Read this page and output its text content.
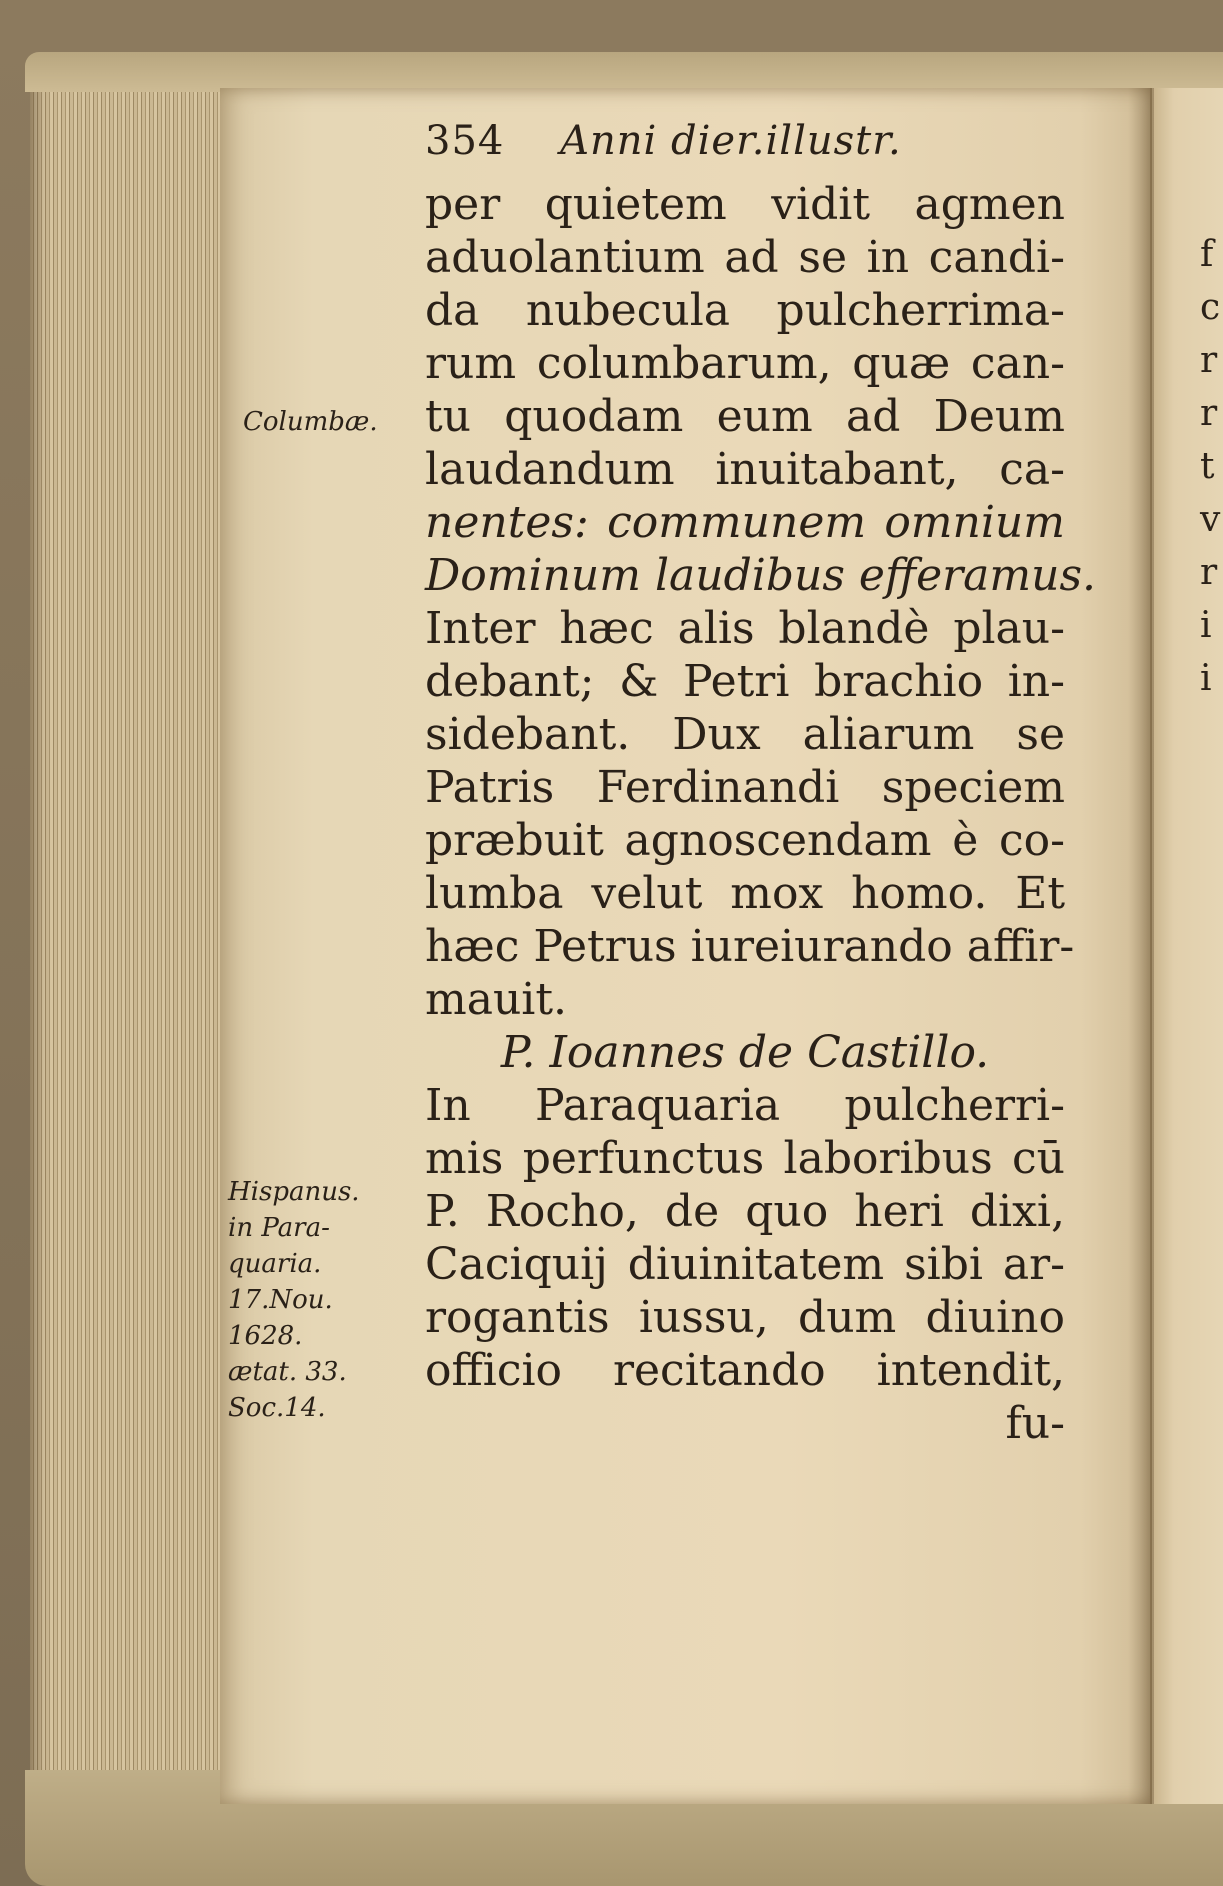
354 Anni dier.illustr.
Columbæ.
Hispanus.
in Para-
quaria.
17.Nou.
1628.
ætat. 33.
Soc.14.
per quietem vidit agmen
aduolantium ad se in candi-
da nubecula pulcherrima-
rum columbarum, quæ can-
tu quodam eum ad Deum
laudandum inuitabant, ca-
nentes: communem omnium
Dominum laudibus efferamus.
Inter hæc alis blandè plau-
debant; & Petri brachio in-
sidebant. Dux aliarum se
Patris Ferdinandi speciem
præbuit agnoscendam è co-
lumba velut mox homo. Et
hæc Petrus iureiurando affir-
mauit.
P. Ioannes de Castillo.
In Paraquaria pulcherri-
mis perfunctus laboribus cū
P. Rocho, de quo heri dixi,
Caciquij diuinitatem sibi ar-
rogantis iussu, dum diuino
officio recitando intendit,
fu-
f
c
r
r
t
v
r
i
i
